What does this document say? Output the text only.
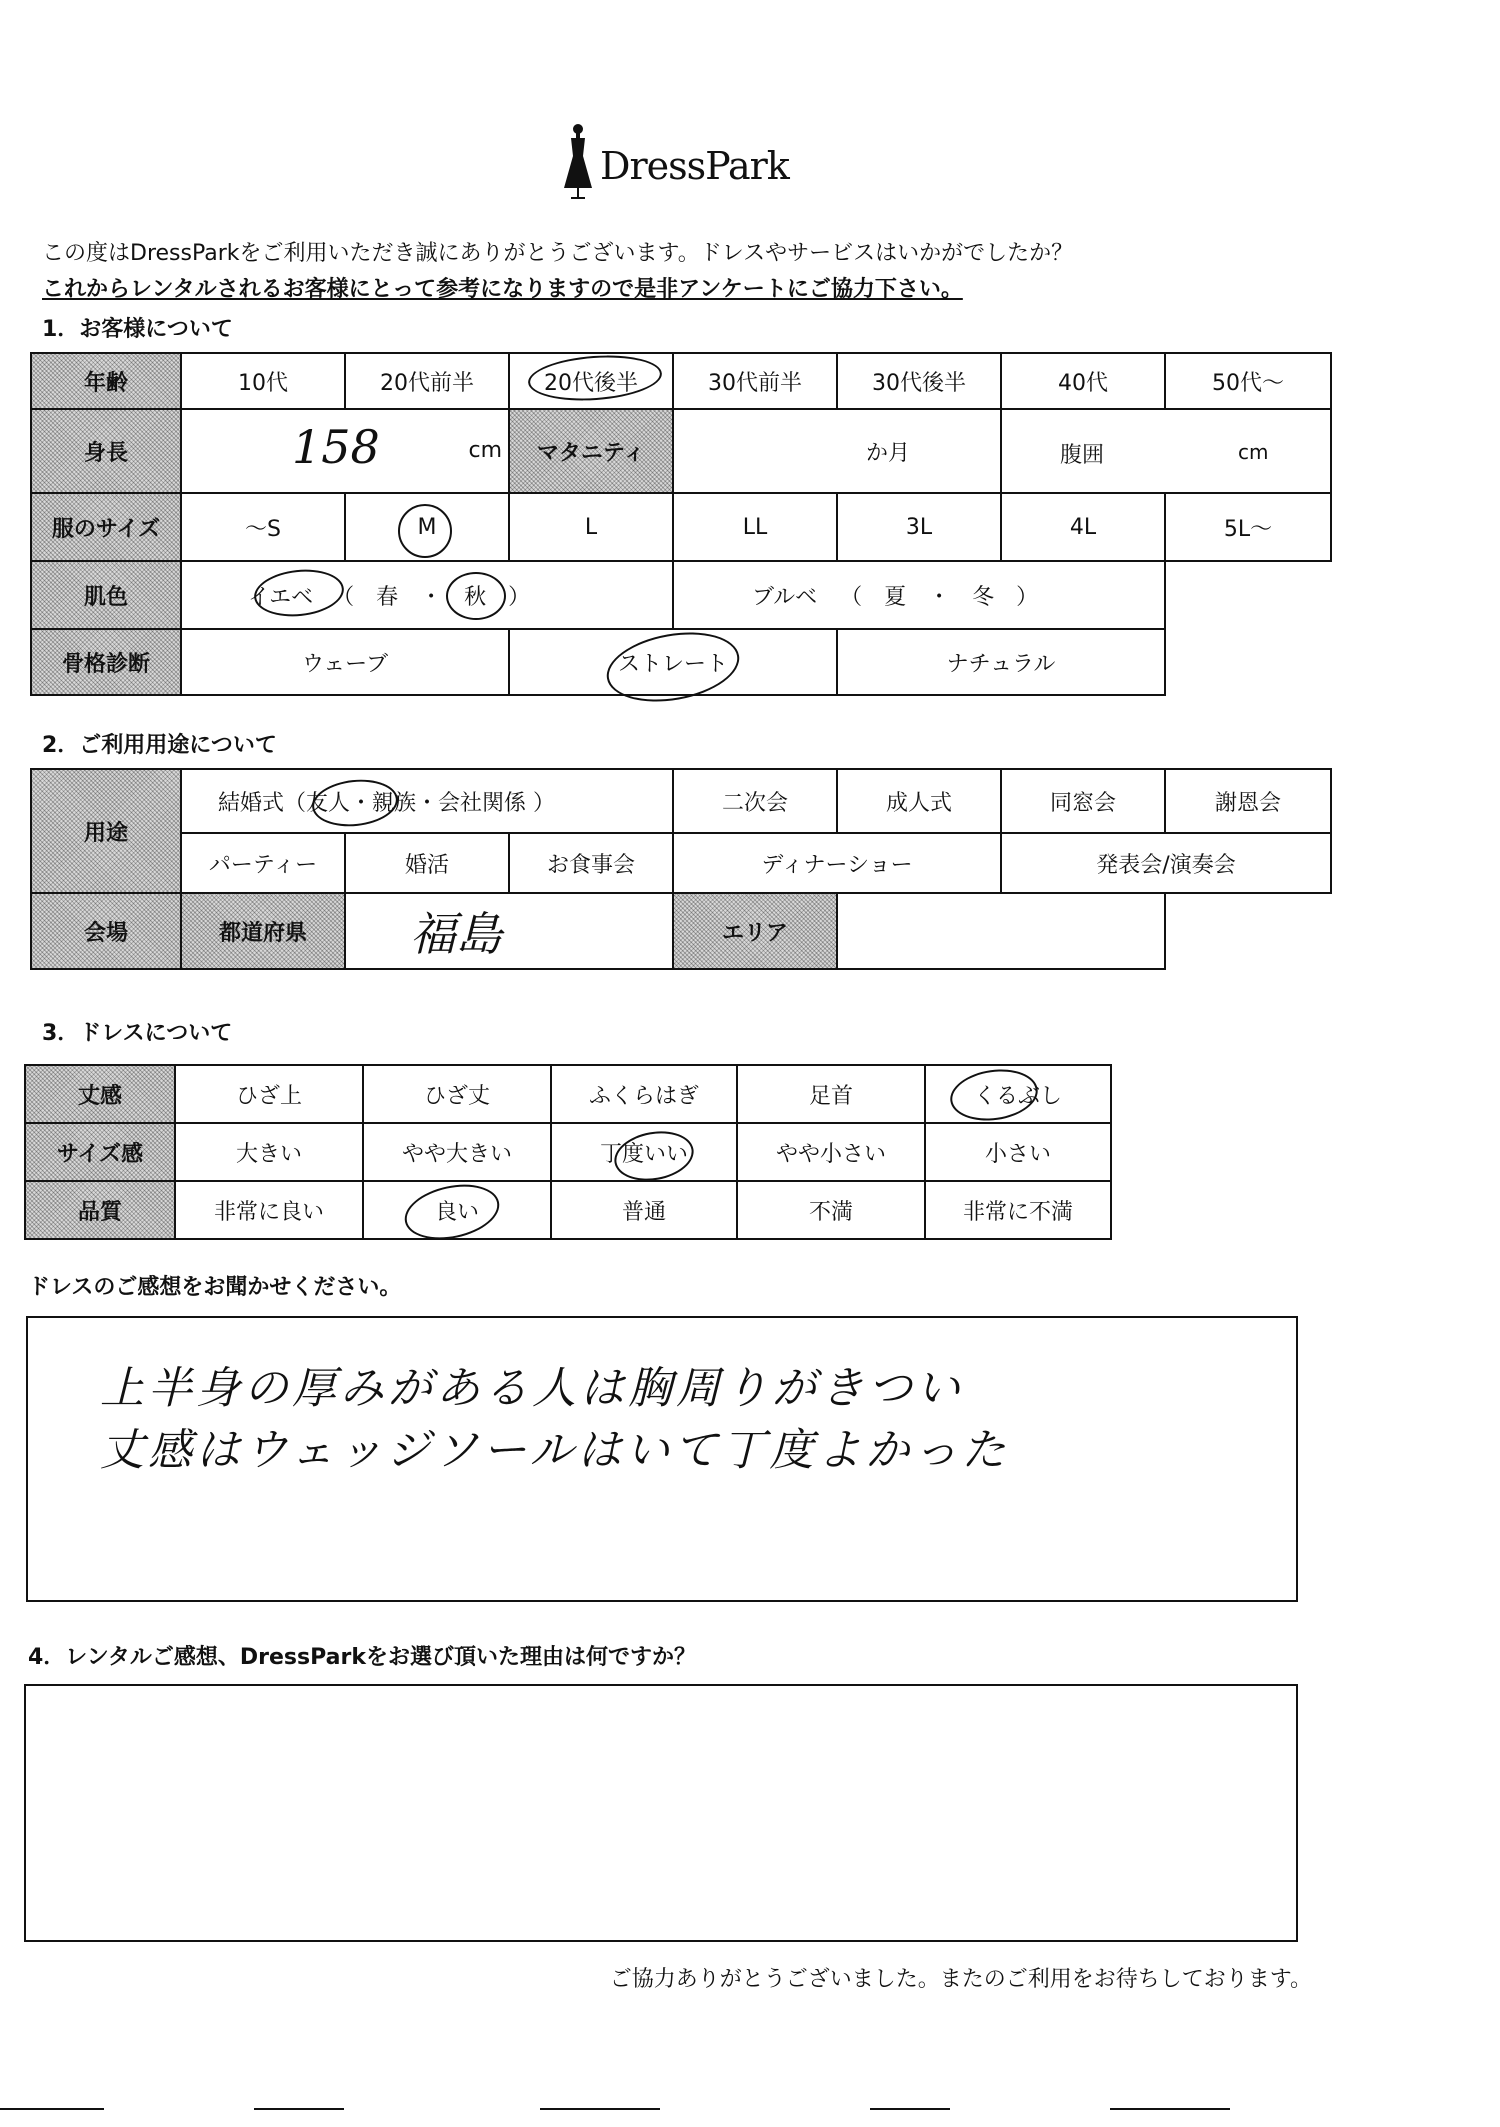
DressPark
この度はDressParkをご利用いただき誠にありがとうございます。ドレスやサービスはいかがでしたか？
これからレンタルされるお客様にとって参考になりますので是非アンケートにご協力下さい。
1．お客様について
年齢	10代	20代前半	20代後半	30代前半	30代後半	40代	50代～
身長	158 cm		マタニティ	か月		腹囲 cm	

服のサイズ	～S	M	L	LL	3L	4L	5L～
肌色	イエベ （　春　・　秋　）			ブルベ （　夏　・　冬　）			
骨格診断	ウェーブ		ストレート		ナチュラル		
2．ご利用用途について
用途	結婚式（友人・親族・会社関係 ）			二次会	成人式	同窓会	謝恩会
	パーティー	婚活	お食事会	ディナーショー		発表会/演奏会	
会場	都道府県	福島		エリア			
3．ドレスについて
丈感	ひざ上	ひざ丈	ふくらはぎ	足首	くるぶし
サイズ感	大きい	やや大きい	丁度いい	やや小さい	小さい
品質	非常に良い	良い	普通	不満	非常に不満
ドレスのご感想をお聞かせください。
上半身の厚みがある人は胸周りがきつい
丈感はウェッジソールはいて丁度よかった
4．レンタルご感想、DressParkをお選び頂いた理由は何ですか？
ご協力ありがとうございました。またのご利用をお待ちしております。
